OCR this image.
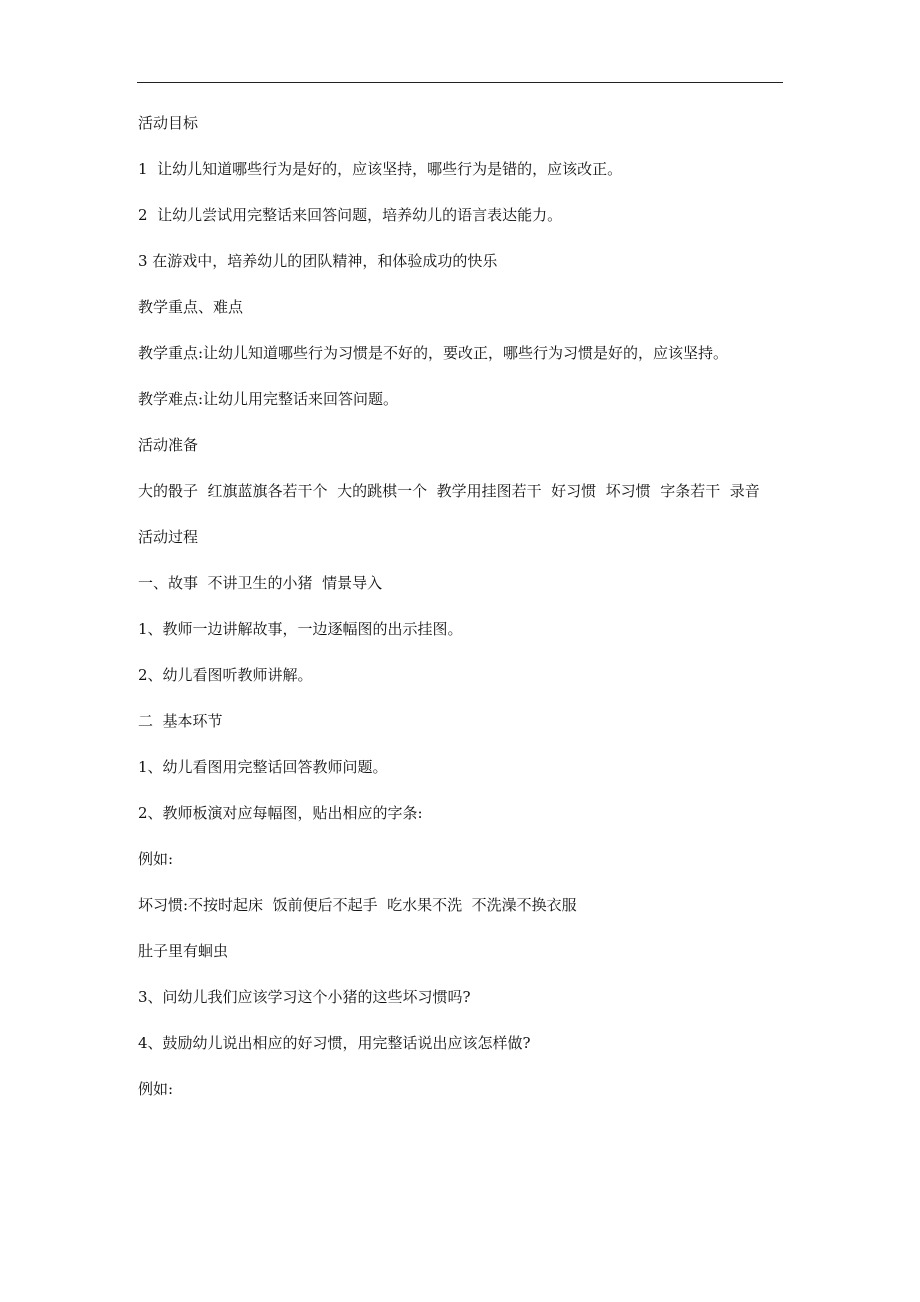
活动目标

1  让幼儿知道哪些行为是好的，应该坚持，哪些行为是错的，应该改正。

2  让幼儿尝试用完整话来回答问题，培养幼儿的语言表达能力。

3 在游戏中，培养幼儿的团队精神，和体验成功的快乐

教学重点、难点

教学重点:让幼儿知道哪些行为习惯是不好的，要改正，哪些行为习惯是好的，应该坚持。

教学难点:让幼儿用完整话来回答问题。

活动准备

大的骰子  红旗蓝旗各若干个  大的跳棋一个  教学用挂图若干  好习惯  坏习惯  字条若干  录音

活动过程

一、故事  不讲卫生的小猪  情景导入

1、教师一边讲解故事，一边逐幅图的出示挂图。

2、幼儿看图听教师讲解。

二  基本环节

1、幼儿看图用完整话回答教师问题。

2、教师板演对应每幅图，贴出相应的字条:

例如:

坏习惯:不按时起床  饭前便后不起手  吃水果不洗  不洗澡不换衣服

肚子里有蛔虫

3、问幼儿我们应该学习这个小猪的这些坏习惯吗?

4、鼓励幼儿说出相应的好习惯，用完整话说出应该怎样做?

例如:
